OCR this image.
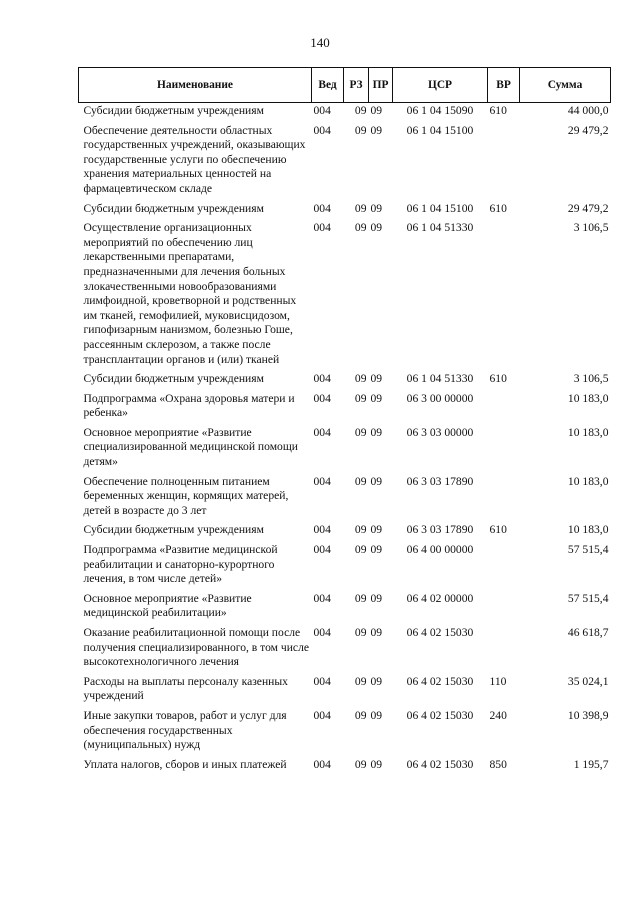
140
Наименование	Вед	РЗ	ПР	ЦСР	ВР	Сумма
Субсидии бюджетным учреждениям	004	09	09	06 1 04 15090	610	44 000,0
Обеспечение деятельности областных государственных учреждений, оказывающих государственные услуги по обеспечению хранения материальных ценностей на фармацевтическом складе	004	09	09	06 1 04 15100		29 479,2
Субсидии бюджетным учреждениям	004	09	09	06 1 04 15100	610	29 479,2
Осуществление организационных мероприятий по обеспечению лиц лекарственными препаратами, предназначенными для лечения больных злокачественными новообразованиями лимфоидной, кроветворной и родственных им тканей, гемофилией, муковисцидозом, гипофизарным нанизмом, болезнью Гоше, рассеянным склерозом, а также после трансплантации органов и (или) тканей	004	09	09	06 1 04 51330		3 106,5
Субсидии бюджетным учреждениям	004	09	09	06 1 04 51330	610	3 106,5
Подпрограмма «Охрана здоровья матери и ребенка»	004	09	09	06 3 00 00000		10 183,0
Основное мероприятие «Развитие специализированной медицинской помощи детям»	004	09	09	06 3 03 00000		10 183,0
Обеспечение полноценным питанием беременных женщин, кормящих матерей, детей в возрасте до 3 лет	004	09	09	06 3 03 17890		10 183,0
Субсидии бюджетным учреждениям	004	09	09	06 3 03 17890	610	10 183,0
Подпрограмма «Развитие медицинской реабилитации и санаторно-курортного лечения, в том числе детей»	004	09	09	06 4 00 00000		57 515,4
Основное мероприятие «Развитие медицинской реабилитации»	004	09	09	06 4 02 00000		57 515,4
Оказание реабилитационной помощи после получения специализированного, в том числе высокотехнологичного лечения	004	09	09	06 4 02 15030		46 618,7
Расходы на выплаты персоналу казенных учреждений	004	09	09	06 4 02 15030	110	35 024,1
Иные закупки товаров, работ и услуг для обеспечения государственных (муниципальных) нужд	004	09	09	06 4 02 15030	240	10 398,9
Уплата налогов, сборов и иных платежей	004	09	09	06 4 02 15030	850	1 195,7
